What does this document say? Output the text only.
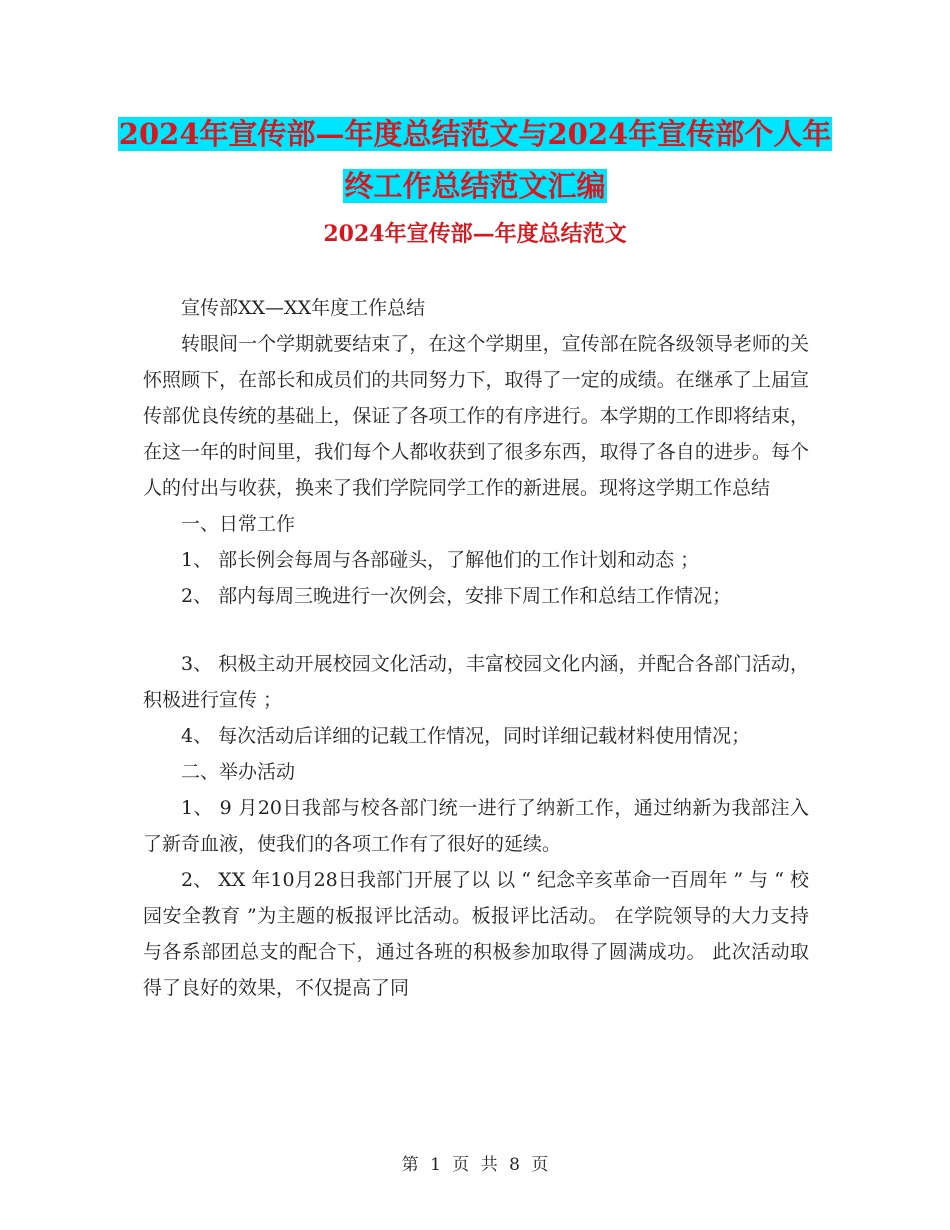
2024年宣传部—年度总结范文与2024年宣传部个人年
终工作总结范文汇编
2024年宣传部—年度总结范文

宣传部XX—XX年度工作总结

转眼间一个学期就要结束了，在这个学期里，宣传部在院各级领导老师的关怀照顾下，在部长和成员们的共同努力下，取得了一定的成绩。在继承了上届宣传部优良传统的基础上，保证了各项工作的有序进行。本学期的工作即将结束，在这一年的时间里，我们每个人都收获到了很多东西，取得了各自的进步。每个人的付出与收获，换来了我们学院同学工作的新进展。现将这学期工作总结

一、日常工作

1、 部长例会每周与各部碰头，了解他们的工作计划和动态 ；

2、 部内每周三晚进行一次例会，安排下周工作和总结工作情况；

3、 积极主动开展校园文化活动，丰富校园文化内涵，并配合各部门活动，积极进行宣传 ；

4、 每次活动后详细的记载工作情况，同时详细记载材料使用情况；

二、举办活动

1、 9 月20日我部与校各部门统一进行了纳新工作，通过纳新为我部注入了新奇血液，使我们的各项工作有了很好的延续。

2、 XX 年10月28日我部门开展了以 以 “ 纪念辛亥革命一百周年 ” 与 “ 校园安全教育 ”为主题的板报评比活动。板报评比活动。 在学院领导的大力支持与各系部团总支的配合下，通过各班的积极参加取得了圆满成功。 此次活动取得了良好的效果，不仅提高了同

第 1 页 共 8 页
